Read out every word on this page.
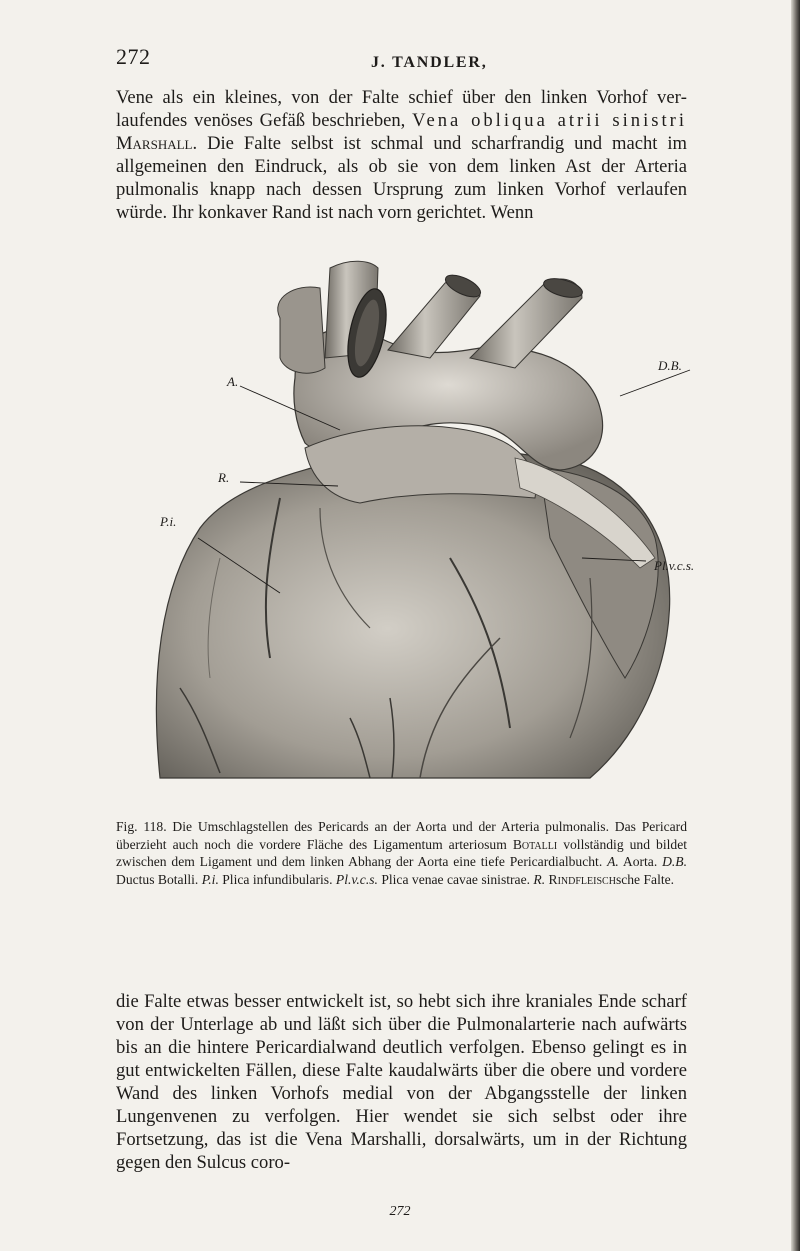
272	J. TANDLER,

Vene als ein kleines, von der Falte schief über den linken Vorhof verlaufendes venöses Gefäß beschrieben, Vena obliqua atrii sinistri Marshall. Die Falte selbst ist schmal und scharfrandig und macht im allgemeinen den Eindruck, als ob sie von dem linken Ast der Arteria pulmonalis knapp nach dessen Ursprung zum linken Vorhof verlaufen würde. Ihr konkaver Rand ist nach vorn gerichtet. Wenn

A.
D.B.
R.
P.i.
Pl.v.c.s.

Fig. 118. Die Umschlagstellen des Pericards an der Aorta und der Arteria pulmonalis. Das Pericard überzieht auch noch die vordere Fläche des Ligamentum arteriosum Botalli vollständig und bildet zwischen dem Ligament und dem linken Abhang der Aorta eine tiefe Pericardialbucht. A. Aorta. D.B. Ductus Botalli. P.i. Plica infundibularis. Pl.v.c.s. Plica venae cavae sinistrae. R. Rindfleischsche Falte.

die Falte etwas besser entwickelt ist, so hebt sich ihre kraniales Ende scharf von der Unterlage ab und läßt sich über die Pulmonalarterie nach aufwärts bis an die hintere Pericardialwand deutlich verfolgen. Ebenso gelingt es in gut entwickelten Fällen, diese Falte kaudalwärts über die obere und vordere Wand des linken Vorhofs medial von der Abgangsstelle der linken Lungenvenen zu verfolgen. Hier wendet sie sich selbst oder ihre Fortsetzung, das ist die Vena Marshalli, dorsalwärts, um in der Richtung gegen den Sulcus coro-

272
